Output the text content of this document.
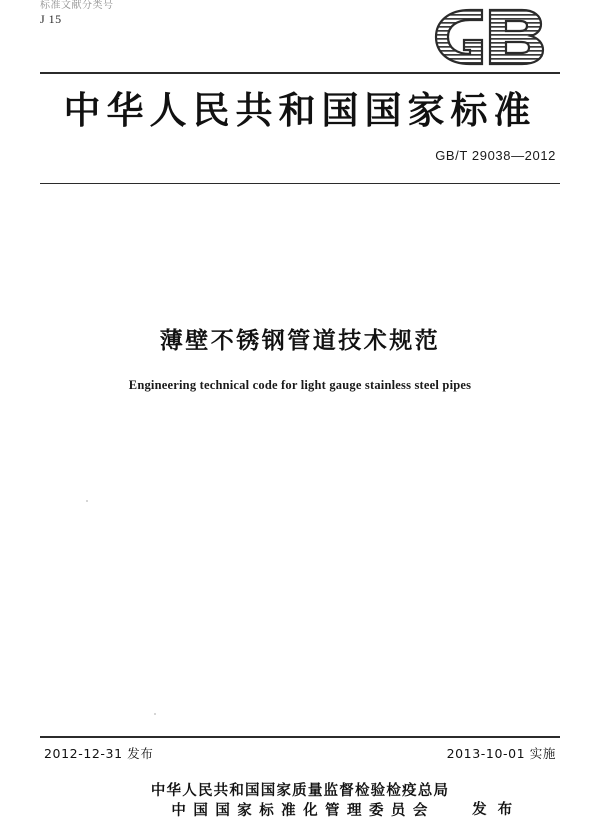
标准文献分类号
J 15
中华人民共和国国家标准
GB/T 29038—2012
薄壁不锈钢管道技术规范
Engineering technical code for light gauge stainless steel pipes
2012-12-31 发布	2013-10-01 实施
中华人民共和国国家质量监督检验检疫总局
中 国 国 家 标 准 化 管 理 委 员 会	发 布
